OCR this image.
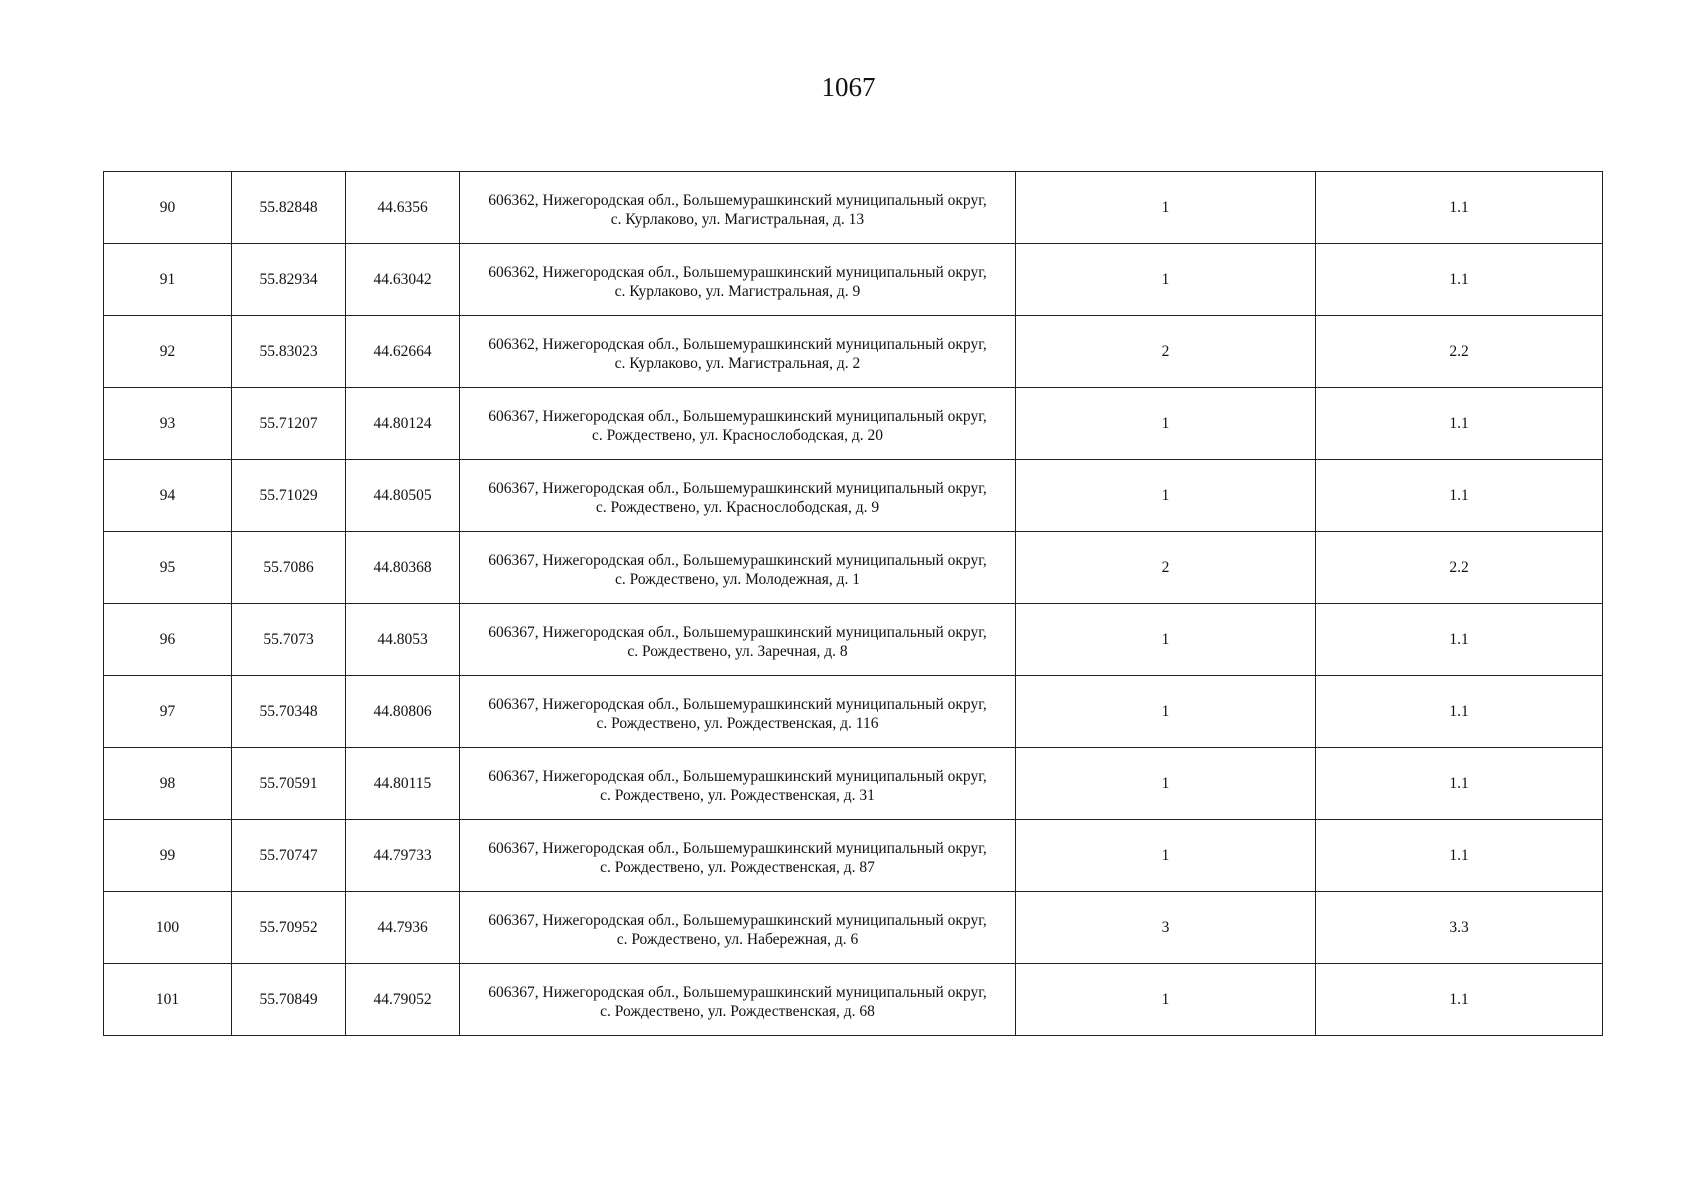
1067
90	55.82848	44.6356	606362, Нижегородская обл., Большемурашкинский муниципальный округ,
с. Курлаково, ул. Магистральная, д. 13	1	1.1
91	55.82934	44.63042	606362, Нижегородская обл., Большемурашкинский муниципальный округ,
с. Курлаково, ул. Магистральная, д. 9	1	1.1
92	55.83023	44.62664	606362, Нижегородская обл., Большемурашкинский муниципальный округ,
с. Курлаково, ул. Магистральная, д. 2	2	2.2
93	55.71207	44.80124	606367, Нижегородская обл., Большемурашкинский муниципальный округ,
с. Рождествено, ул. Краснослободская, д. 20	1	1.1
94	55.71029	44.80505	606367, Нижегородская обл., Большемурашкинский муниципальный округ,
с. Рождествено, ул. Краснослободская, д. 9	1	1.1
95	55.7086	44.80368	606367, Нижегородская обл., Большемурашкинский муниципальный округ,
с. Рождествено, ул. Молодежная, д. 1	2	2.2
96	55.7073	44.8053	606367, Нижегородская обл., Большемурашкинский муниципальный округ,
с. Рождествено, ул. Заречная, д. 8	1	1.1
97	55.70348	44.80806	606367, Нижегородская обл., Большемурашкинский муниципальный округ,
с. Рождествено, ул. Рождественская, д. 116	1	1.1
98	55.70591	44.80115	606367, Нижегородская обл., Большемурашкинский муниципальный округ,
с. Рождествено, ул. Рождественская, д. 31	1	1.1
99	55.70747	44.79733	606367, Нижегородская обл., Большемурашкинский муниципальный округ,
с. Рождествено, ул. Рождественская, д. 87	1	1.1
100	55.70952	44.7936	606367, Нижегородская обл., Большемурашкинский муниципальный округ,
с. Рождествено, ул. Набережная, д. 6	3	3.3
101	55.70849	44.79052	606367, Нижегородская обл., Большемурашкинский муниципальный округ,
с. Рождествено, ул. Рождественская, д. 68	1	1.1
